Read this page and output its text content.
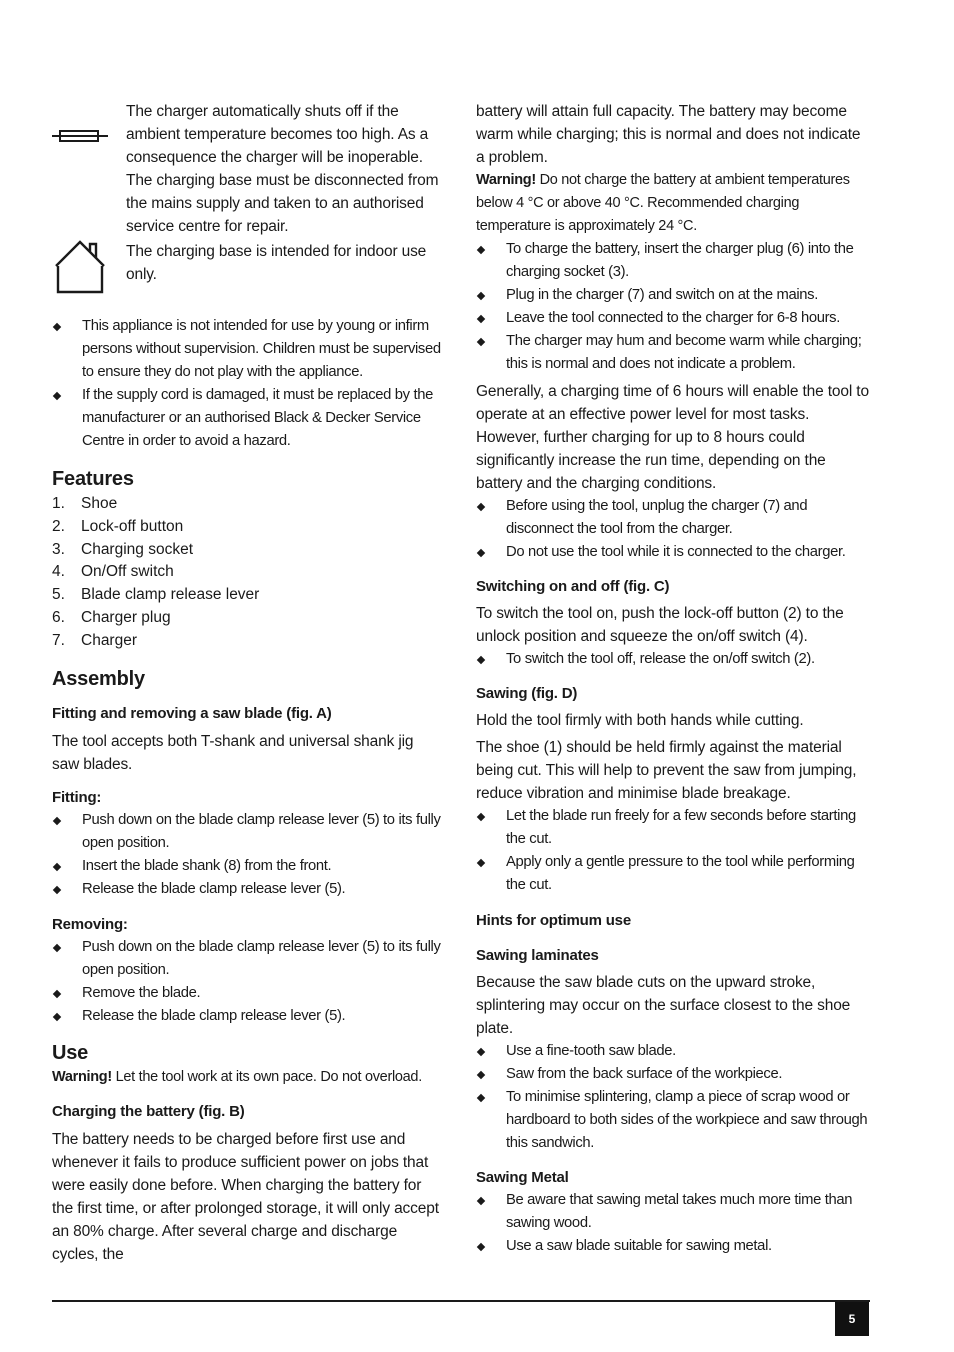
The charger automatically shuts off if the ambient temperature becomes too high. As a consequence the charger will be inoperable. The charging base must be disconnected from the mains supply and taken to an authorised service centre for repair.

The charging base is intended for indoor use only.

This appliance is not intended for use by young or infirm persons without supervision. Children must be supervised to ensure they do not play with the appliance.
If the supply cord is damaged, it must be replaced by the manufacturer or an authorised Black & Decker Service Centre in order to avoid a hazard.
Features
1. Shoe
2. Lock-off button
3. Charging socket
4. On/Off switch
5. Blade clamp release lever
6. Charger plug
7. Charger
Assembly
Fitting and removing a saw blade (fig. A)

The tool accepts both T-shank and universal shank jig saw blades.

Fitting:
Push down on the blade clamp release lever (5) to its fully open position.
Insert the blade shank (8) from the front.
Release the blade clamp release lever (5).
Removing:
Push down on the blade clamp release lever (5) to its fully open position.
Remove the blade.
Release the blade clamp release lever (5).
Use

Warning! Let the tool work at its own pace. Do not overload.

Charging the battery (fig. B)

The battery needs to be charged before first use and whenever it fails to produce sufficient power on jobs that were easily done before. When charging the battery for the first time, or after prolonged storage, it will only accept an 80% charge. After several charge and discharge cycles, the

battery will attain full capacity. The battery may become warm while charging; this is normal and does not indicate a problem.

Warning! Do not charge the battery at ambient temperatures below 4 °C or above 40 °C. Recommended charging temperature is approximately 24 °C.

To charge the battery, insert the charger plug (6) into the charging socket (3).
Plug in the charger (7) and switch on at the mains.
Leave the tool connected to the charger for 6-8 hours.
The charger may hum and become warm while charging; this is normal and does not indicate a problem.

Generally, a charging time of 6 hours will enable the tool to operate at an effective power level for most tasks. However, further charging for up to 8 hours could significantly increase the run time, depending on the battery and the charging conditions.

Before using the tool, unplug the charger (7) and disconnect the tool from the charger.
Do not use the tool while it is connected to the charger.
Switching on and off (fig. C)

To switch the tool on, push the lock-off button (2) to the unlock position and squeeze the on/off switch (4).

To switch the tool off, release the on/off switch (2).
Sawing (fig. D)

Hold the tool firmly with both hands while cutting.

The shoe (1) should be held firmly against the material being cut. This will help to prevent the saw from jumping, reduce vibration and minimise blade breakage.

Let the blade run freely for a few seconds before starting the cut.
Apply only a gentle pressure to the tool while performing the cut.
Hints for optimum use
Sawing laminates

Because the saw blade cuts on the upward stroke, splintering may occur on the surface closest to the shoe plate.

Use a fine-tooth saw blade.
Saw from the back surface of the workpiece.
To minimise splintering, clamp a piece of scrap wood or hardboard to both sides of the workpiece and saw through this sandwich.
Sawing Metal
Be aware that sawing metal takes much more time than sawing wood.
Use a saw blade suitable for sawing metal.
5
